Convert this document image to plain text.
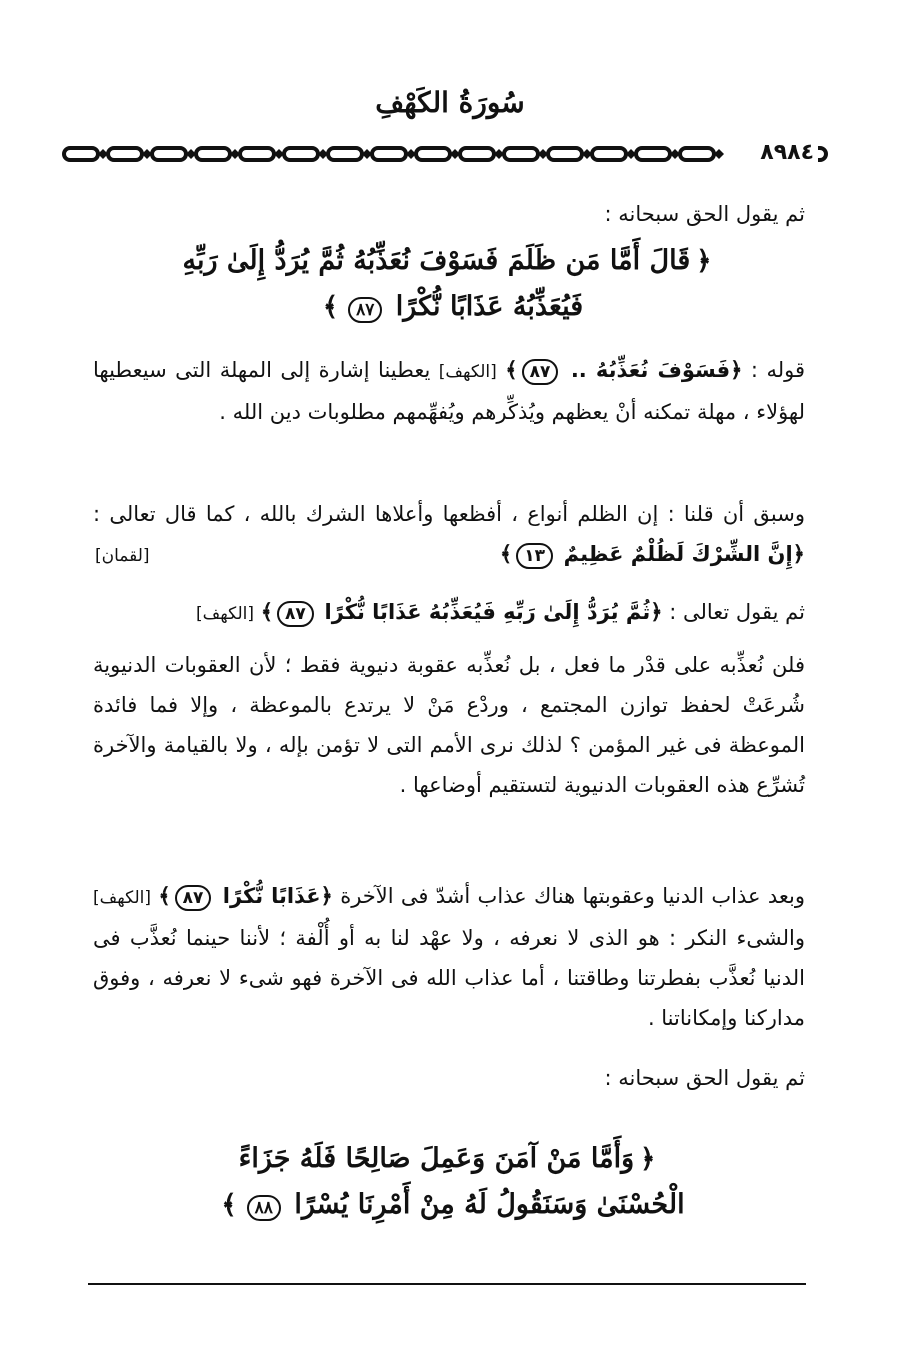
سُورَةُ الكَهْفِ
٨٩٨٤
ثم يقول الحق سبحانه :
﴿قَالَ أَمَّا مَن ظَلَمَ فَسَوْفَ نُعَذِّبُهُ ثُمَّ يُرَدُّ إِلَىٰ رَبِّهِ
فَيُعَذِّبُهُ عَذَابًا نُّكْرًا ٨٧﴾
قوله : ﴿فَسَوْفَ نُعَذِّبُهُ .. ٨٧﴾ [الكهف] يعطينا إشارة إلى المهلة التى سيعطيها لهؤلاء ، مهلة تمكنه أنْ يعظهم ويُذكِّرهم ويُفهِّمهم مطلوبات دين الله .
وسبق أن قلنا : إن الظلم أنواع ، أفظعها وأعلاها الشرك بالله ، كما قال تعالى : ﴿إِنَّ الشِّرْكَ لَظُلْمٌ عَظِيمٌ ١٣﴾
[لقمان]
ثم يقول تعالى : ﴿ثُمَّ يُرَدُّ إِلَىٰ رَبِّهِ فَيُعَذِّبُهُ عَذَابًا نُّكْرًا ٨٧﴾ [الكهف]
فلن نُعذِّبه على قدْر ما فعل ، بل نُعذِّبه عقوبة دنيوية فقط ؛ لأن العقوبات الدنيوية شُرعَتْ لحفظ توازن المجتمع ، وردْع مَنْ لا يرتدع بالموعظة ، وإلا فما فائدة الموعظة فى غير المؤمن ؟ لذلك نرى الأمم التى لا تؤمن بإله ، ولا بالقيامة والآخرة تُشرِّع هذه العقوبات الدنيوية لتستقيم أوضاعها .
وبعد عذاب الدنيا وعقوبتها هناك عذاب أشدّ فى الآخرة ﴿عَذَابًا نُّكْرًا ٨٧﴾ [الكهف] والشىء النكر : هو الذى لا نعرفه ، ولا عهْد لنا به أو أُلْفة ؛ لأننا حينما نُعذَّب فى الدنيا نُعذَّب بفطرتنا وطاقتنا ، أما عذاب الله فى الآخرة فهو شىء لا نعرفه ، وفوق مداركنا وإمكاناتنا .
ثم يقول الحق سبحانه :
﴿وَأَمَّا مَنْ آمَنَ وَعَمِلَ صَالِحًا فَلَهُ جَزَاءً
الْحُسْنَىٰ وَسَنَقُولُ لَهُ مِنْ أَمْرِنَا يُسْرًا ٨٨﴾
